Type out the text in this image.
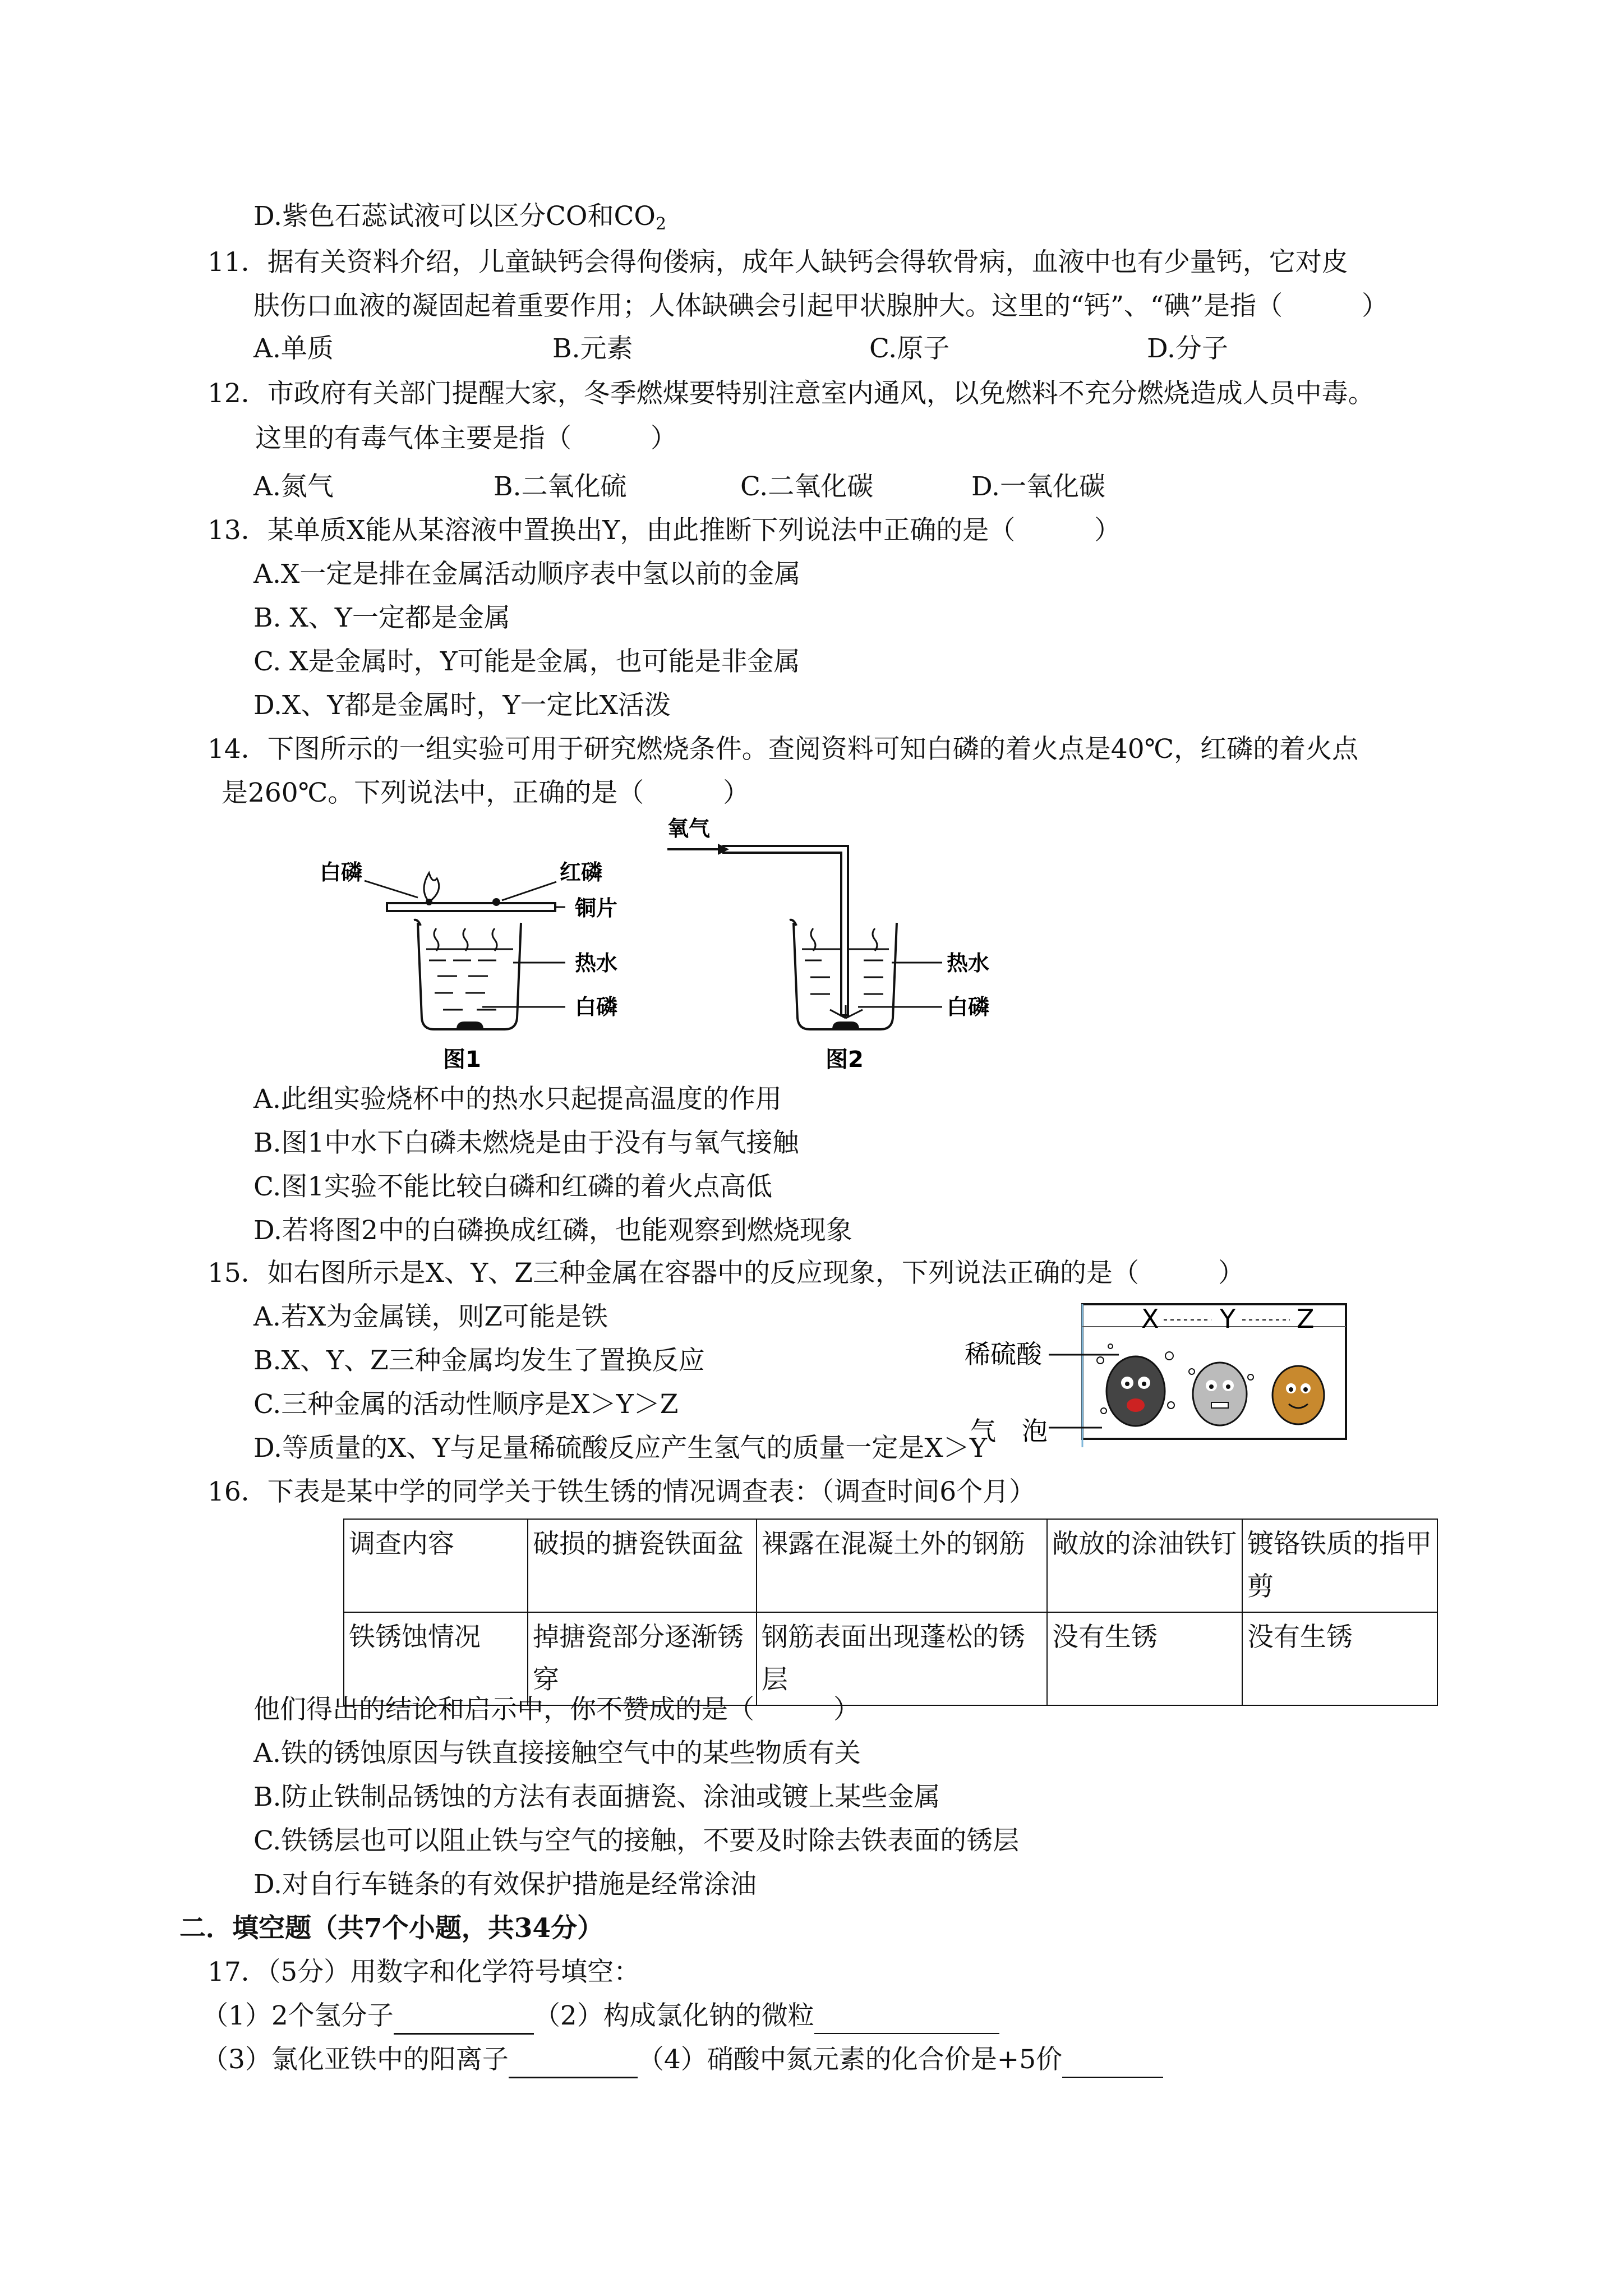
D.紫色石蕊试液可以区分CO和$CO_2$
11．据有关资料介绍，儿童缺钙会得佝偻病，成年人缺钙会得软骨病，血液中也有少量钙，它对皮
肤伤口血液的凝固起着重要作用；人体缺碘会引起甲状腺肿大。这里的“钙”、“碘”是指（　　　）
A.单质	B.元素	C.原子	D.分子
12．市政府有关部门提醒大家，冬季燃煤要特别注意室内通风，以免燃料不充分燃烧造成人员中毒。
这里的有毒气体主要是指（　　　）
A.氮气	B.二氧化硫	C.二氧化碳	D.一氧化碳
13．某单质X能从某溶液中置换出Y，由此推断下列说法中正确的是（　　　）
A.X一定是排在金属活动顺序表中氢以前的金属
B. X、Y一定都是金属
C. X是金属时，Y可能是金属，也可能是非金属
D.X、Y都是金属时，Y一定比X活泼
14．下图所示的一组实验可用于研究燃烧条件。查阅资料可知白磷的着火点是40℃，红磷的着火点
是260℃。下列说法中，正确的是（　　　）
白磷	红磷
铜片
热水
白磷
图1
氧气
热水
白磷
图2
A.此组实验烧杯中的热水只起提高温度的作用
B.图1中水下白磷未燃烧是由于没有与氧气接触
C.图1实验不能比较白磷和红磷的着火点高低
D.若将图2中的白磷换成红磷，也能观察到燃烧现象
15．如右图所示是X、Y、Z三种金属在容器中的反应现象，下列说法正确的是（　　　）
A.若X为金属镁，则Z可能是铁
B.X、Y、Z三种金属均发生了置换反应
C.三种金属的活动性顺序是X＞Y＞Z
X Y Z
稀硫酸
气　泡
D.等质量的X、Y与足量稀硫酸反应产生氢气的质量一定是X＞Y
16．下表是某中学的同学关于铁生锈的情况调查表：（调查时间6个月）
调查内容	破损的搪瓷铁面盆	裸露在混凝土外的钢筋	敞放的涂油铁钉	镀铬铁质的指甲剪
铁锈蚀情况	掉搪瓷部分逐渐锈穿	钢筋表面出现蓬松的锈层	没有生锈	没有生锈
他们得出的结论和启示中，你不赞成的是（　　　）
A.铁的锈蚀原因与铁直接接触空气中的某些物质有关
B.防止铁制品锈蚀的方法有表面搪瓷、涂油或镀上某些金属
C.铁锈层也可以阻止铁与空气的接触，不要及时除去铁表面的锈层
D.对自行车链条的有效保护措施是经常涂油
二．填空题（共7个小题，共34分）
17．（5分）用数字和化学符号填空：
（1）2个氢分子	（2）构成氯化钠的微粒
（3）氯化亚铁中的阳离子	（4）硝酸中氮元素的化合价是+5价
